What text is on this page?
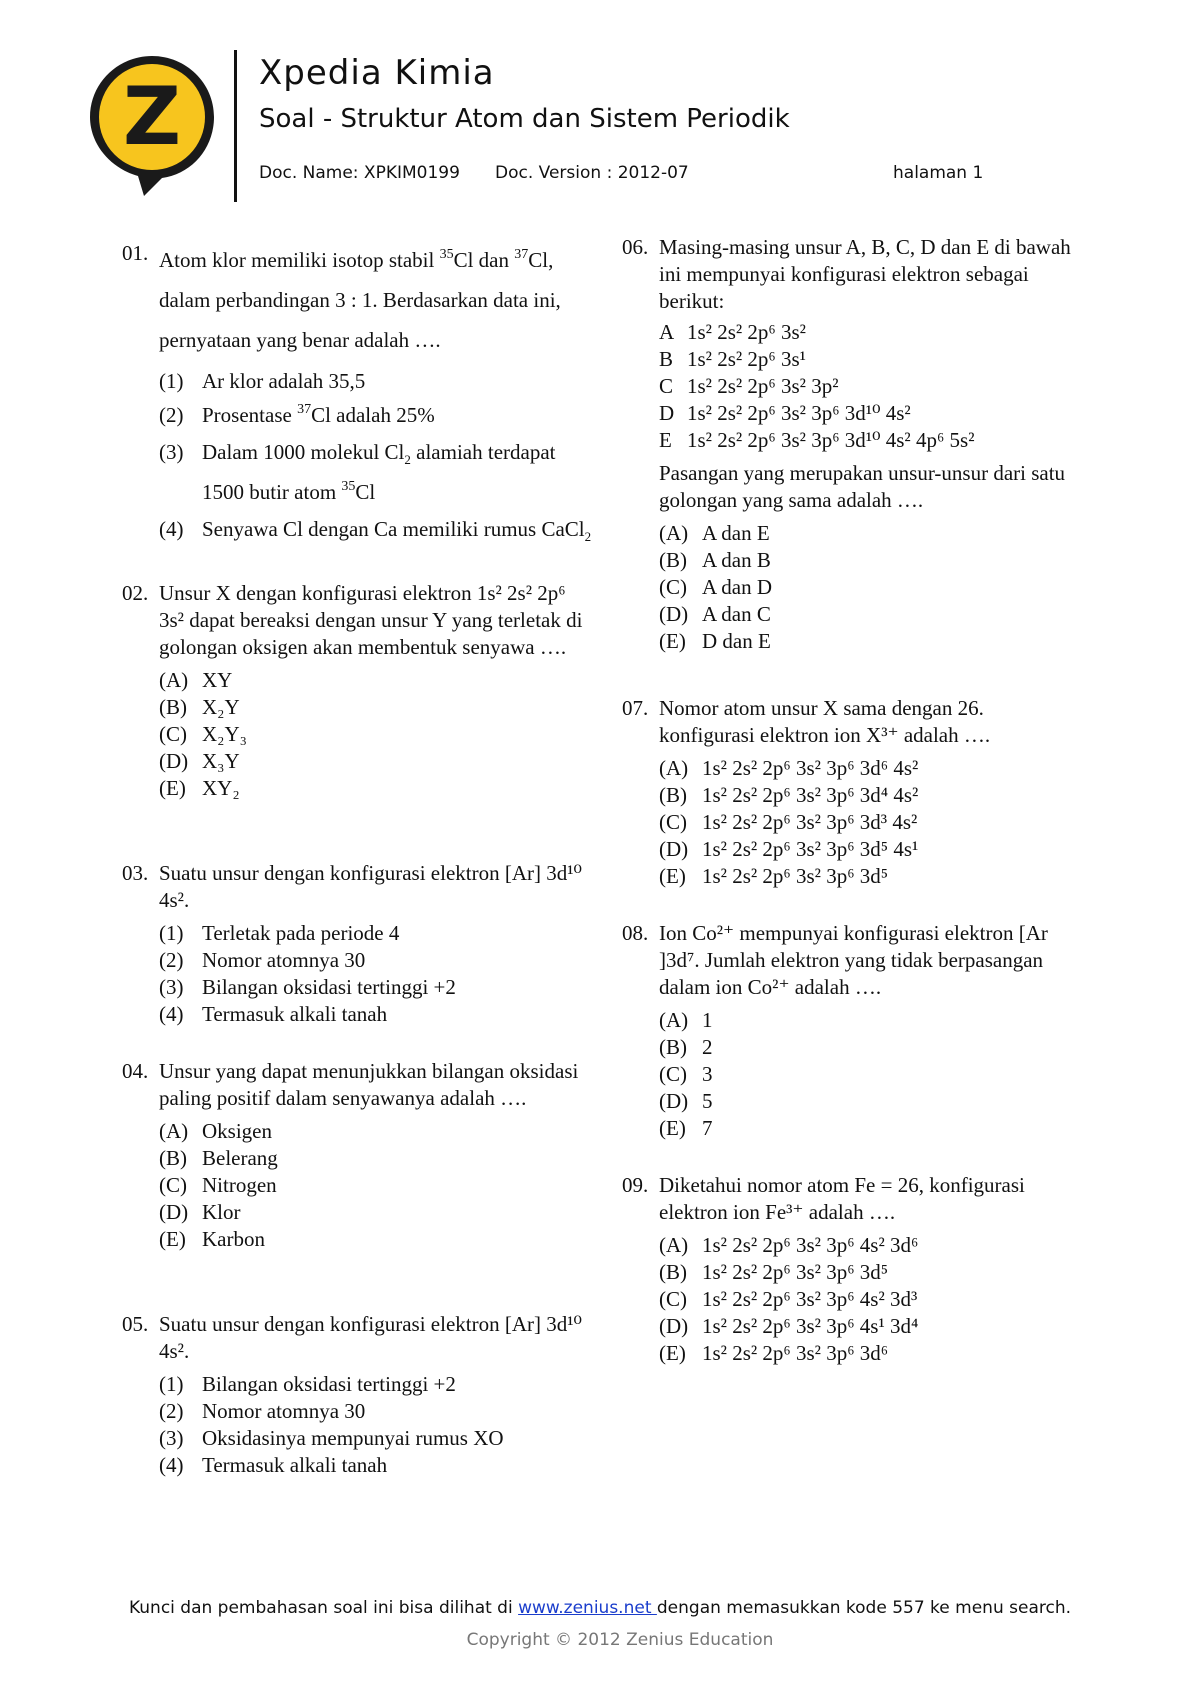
Z Xpedia Kimia
Soal - Struktur Atom dan Sistem Periodik
Doc. Name: XPKIM0199 Doc. Version : 2012-07	halaman 1
01. Atom klor memiliki isotop stabil $^{35}$Cl dan $^{37}$Cl, dalam perbandingan 3 : 1. Berdasarkan data ini, pernyataan yang benar adalah ….

(1) Ar klor adalah 35,5
(2) Prosentase $^{37}$Cl adalah 25%
(3) Dalam 1000 molekul $Cl_2$ alamiah terdapat 1500 butir atom $^{35}$Cl
(4) Senyawa Cl dengan Ca memiliki rumus CaCl$_2$
02. Unsur X dengan konfigurasi elektron 1s² 2s² 2p⁶ 3s² dapat bereaksi dengan unsur Y yang terletak di golongan oksigen akan membentuk senyawa ….

(A) XY
(B) X₂Y
(C) X₂Y₃
(D) X₃Y
(E) XY₂
03. Suatu unsur dengan konfigurasi elektron [Ar] 3d¹⁰ 4s².

(1) Terletak pada periode 4
(2) Nomor atomnya 30
(3) Bilangan oksidasi tertinggi +2
(4) Termasuk alkali tanah
04. Unsur yang dapat menunjukkan bilangan oksidasi paling positif dalam senyawanya adalah ….

(A) Oksigen
(B) Belerang
(C) Nitrogen
(D) Klor
(E) Karbon
05. Suatu unsur dengan konfigurasi elektron [Ar] 3d¹⁰ 4s².

(1) Bilangan oksidasi tertinggi +2
(2) Nomor atomnya 30
(3) Oksidasinya mempunyai rumus XO
(4) Termasuk alkali tanah
06. Masing-masing unsur A, B, C, D dan E di bawah ini mempunyai konfigurasi elektron sebagai berikut:

A 1s² 2s² 2p⁶ 3s²
B 1s² 2s² 2p⁶ 3s¹
C 1s² 2s² 2p⁶ 3s² 3p²
D 1s² 2s² 2p⁶ 3s² 3p⁶ 3d¹⁰ 4s²
E 1s² 2s² 2p⁶ 3s² 3p⁶ 3d¹⁰ 4s² 4p⁶ 5s²

Pasangan yang merupakan unsur-unsur dari satu golongan yang sama adalah ….

(A) A dan E
(B) A dan B
(C) A dan D
(D) A dan C
(E) D dan E
07. Nomor atom unsur X sama dengan 26. konfigurasi elektron ion X³⁺ adalah ….

(A) 1s² 2s² 2p⁶ 3s² 3p⁶ 3d⁶ 4s²
(B) 1s² 2s² 2p⁶ 3s² 3p⁶ 3d⁴ 4s²
(C) 1s² 2s² 2p⁶ 3s² 3p⁶ 3d³ 4s²
(D) 1s² 2s² 2p⁶ 3s² 3p⁶ 3d⁵ 4s¹
(E) 1s² 2s² 2p⁶ 3s² 3p⁶ 3d⁵
08. Ion Co²⁺ mempunyai konfigurasi elektron [Ar ]3d⁷. Jumlah elektron yang tidak berpasangan dalam ion Co²⁺ adalah ….

(A) 1
(B) 2
(C) 3
(D) 5
(E) 7
09. Diketahui nomor atom Fe = 26, konfigurasi elektron ion Fe³⁺ adalah ….

(A) 1s² 2s² 2p⁶ 3s² 3p⁶ 4s² 3d⁶
(B) 1s² 2s² 2p⁶ 3s² 3p⁶ 3d⁵
(C) 1s² 2s² 2p⁶ 3s² 3p⁶ 4s² 3d³
(D) 1s² 2s² 2p⁶ 3s² 3p⁶ 4s¹ 3d⁴
(E) 1s² 2s² 2p⁶ 3s² 3p⁶ 3d⁶
Kunci dan pembahasan soal ini bisa dilihat di www.zenius.net dengan memasukkan kode 557 ke menu search.
Copyright © 2012 Zenius Education
